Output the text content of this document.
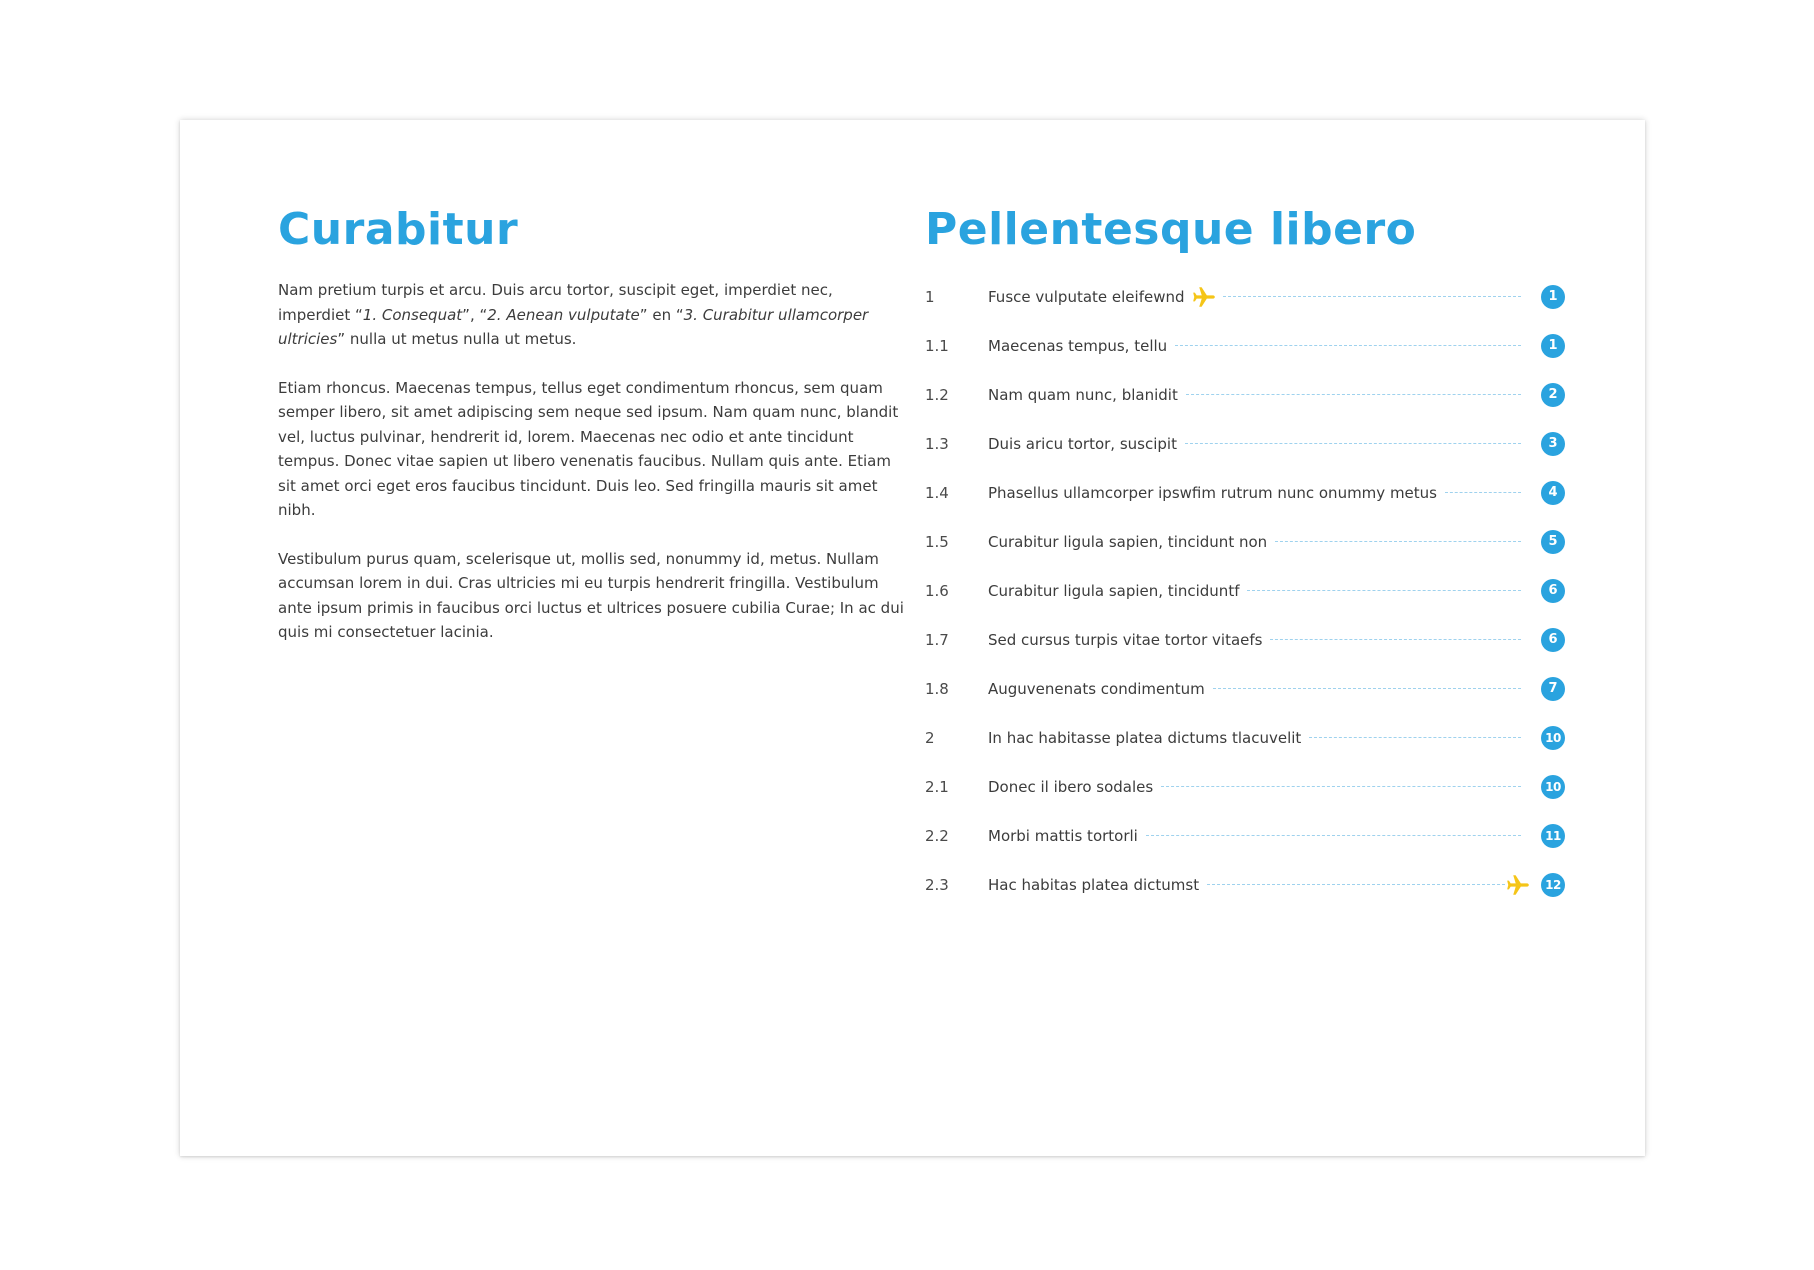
Curabitur

Nam pretium turpis et arcu. Duis arcu tortor, suscipit eget, imperdiet nec, imperdiet “1. Consequat”, “2. Aenean vulputate” en “3. Curabitur ullamcorper ultricies” nulla ut metus nulla ut metus.

Etiam rhoncus. Maecenas tempus, tellus eget condimentum rhoncus, sem quam semper libero, sit amet adipiscing sem neque sed ipsum. Nam quam nunc, blandit vel, luctus pulvinar, hendrerit id, lorem. Maecenas nec odio et ante tincidunt tempus. Donec vitae sapien ut libero venenatis faucibus. Nullam quis ante. Etiam sit amet orci eget eros faucibus tincidunt. Duis leo. Sed fringilla mauris sit amet nibh.

Vestibulum purus quam, scelerisque ut, mollis sed, nonummy id, metus. Nullam accumsan lorem in dui. Cras ultricies mi eu turpis hendrerit fringilla. Vestibulum ante ipsum primis in faucibus orci luctus et ultrices posuere cubilia Curae; In ac dui quis mi consectetuer lacinia.

Pellentesque libero
1	Fusce vulputate eleifewnd	1
1.1	Maecenas tempus, tellu	1
1.2	Nam quam nunc, blanidit	2
1.3	Duis aricu tortor, suscipit	3
1.4	Phasellus ullamcorper ipswfim rutrum nunc onummy metus	4
1.5	Curabitur ligula sapien, tincidunt non	5
1.6	Curabitur ligula sapien, tinciduntf	6
1.7	Sed cursus turpis vitae tortor vitaefs	6
1.8	Auguvenenats condimentum	7
2	In hac habitasse platea dictums tlacuvelit	10
2.1	Donec il ibero sodales	10
2.2	Morbi mattis tortorli	11
2.3	Hac habitas platea dictumst	12
